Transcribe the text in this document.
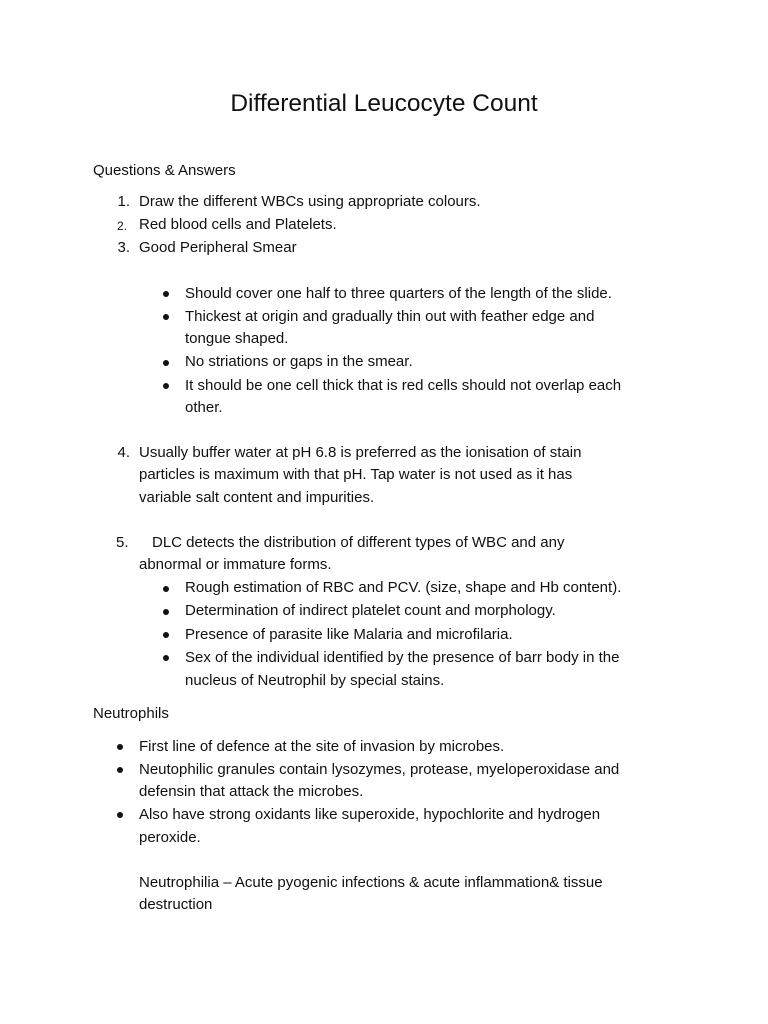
Differential Leucocyte Count
Questions & Answers
1. Draw the different WBCs using appropriate colours.
2. Red blood cells and Platelets.
3. Good Peripheral Smear
Should cover one half to three quarters of the length of the slide.
Thickest at origin and gradually thin out with feather edge and
tongue shaped.
No striations or gaps in the smear.
It should be one cell thick that is red cells should not overlap each
other.
4. Usually buffer water at pH 6.8 is preferred as the ionisation of stain
particles is maximum with that pH. Tap water is not used as it has
variable salt content and impurities.
5. DLC detects the distribution of different types of WBC and any
abnormal or immature forms.
Rough estimation of RBC and PCV. (size, shape and Hb content).
Determination of indirect platelet count and morphology.
Presence of parasite like Malaria and microfilaria.
Sex of the individual identified by the presence of barr body in the
nucleus of Neutrophil by special stains.
Neutrophils
First line of defence at the site of invasion by microbes.
Neutophilic granules contain lysozymes, protease, myeloperoxidase and
defensin that attack the microbes.
Also have strong oxidants like superoxide, hypochlorite and hydrogen
peroxide.
Neutrophilia – Acute pyogenic infections & acute inflammation& tissue
destruction
